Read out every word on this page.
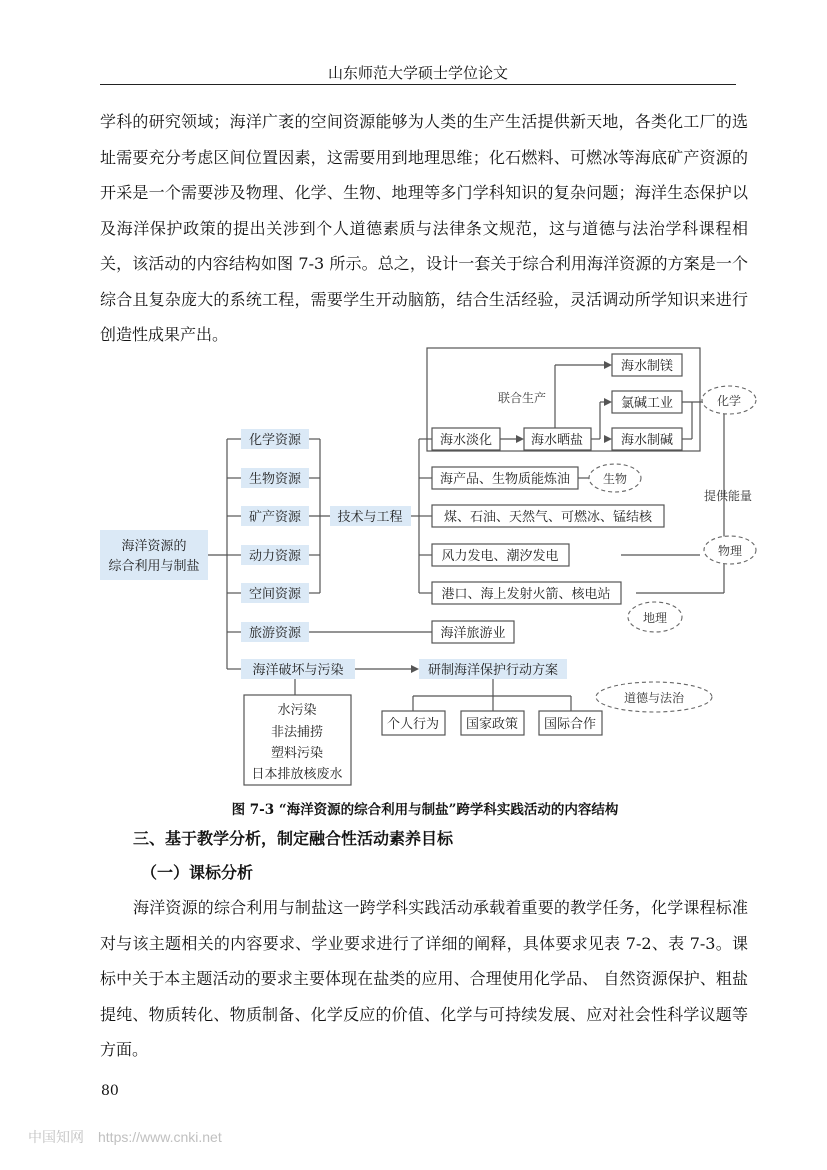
山东师范大学硕士学位论文

学科的研究领域；海洋广袤的空间资源能够为人类的生产生活提供新天地，各类化工厂的选址需要充分考虑区间位置因素，这需要用到地理思维；化石燃料、可燃冰等海底矿产资源的开采是一个需要涉及物理、化学、生物、地理等多门学科知识的复杂问题；海洋生态保护以及海洋保护政策的提出关涉到个人道德素质与法律条文规范，这与道德与法治学科课程相关，该活动的内容结构如图 7-3 所示。总之，设计一套关于综合利用海洋资源的方案是一个综合且复杂庞大的系统工程，需要学生开动脑筋，结合生活经验，灵活调动所学知识来进行创造性成果产出。

海洋资源的
综合利用与制盐
化学资源
生物资源
矿产资源
动力资源
空间资源
旅游资源
海洋破坏与污染
技术与工程
联合生产
海水淡化	海水晒盐
海水制镁
氯碱工业
海水制碱
海产品、生物质能炼油
煤、石油、天然气、可燃冰、锰结核
风力发电、潮汐发电
港口、海上发射火箭、核电站
海洋旅游业
研制海洋保护行动方案
个人行为 国家政策 国际合作
水污染
非法捕捞
塑料污染
日本排放核废水
化学
生物
物理
地理
道德与法治
提供能量
图 7-3 “海洋资源的综合利用与制盐”跨学科实践活动的内容结构
三、基于教学分析，制定融合性活动素养目标
（一）课标分析

海洋资源的综合利用与制盐这一跨学科实践活动承载着重要的教学任务，化学课程标准对与该主题相关的内容要求、学业要求进行了详细的阐释，具体要求见表 7-2、表 7-3。课标中关于本主题活动的要求主要体现在盐类的应用、合理使用化学品、 自然资源保护、粗盐提纯、物质转化、物质制备、化学反应的价值、化学与可持续发展、应对社会性科学议题等方面。

80
中国知网 https://www.cnki.net
